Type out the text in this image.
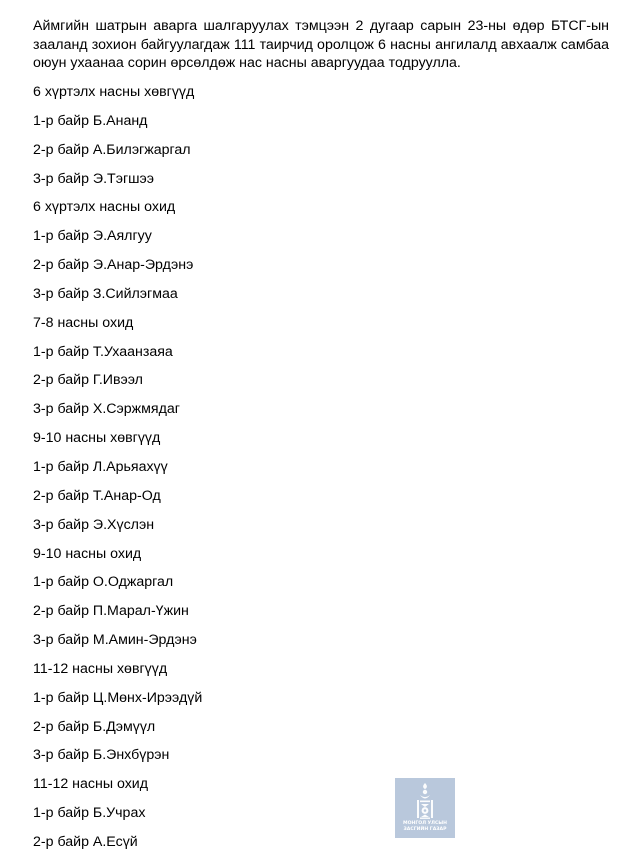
Аймгийн шатрын аварга шалгаруулах тэмцээн 2 дугаар сарын 23-ны өдөр БТСГ-ын зааланд зохион байгуулагдаж 111 таирчид оролцож 6 насны ангилалд авхаалж самбаа оюун ухаанаа сорин өрсөлдөж нас насны аваргуудаа тодруулла.

6 хүртэлх насны хөвгүүд
1-р байр Б.Ананд
2-р байр А.Билэгжаргал
3-р байр Э.Тэгшээ
6 хүртэлх насны охид
1-р байр Э.Аялгуу
2-р байр Э.Анар-Эрдэнэ
3-р байр З.Сийлэгмаа
7-8 насны охид
1-р байр Т.Ухаанзаяа
2-р байр Г.Ивээл
3-р байр Х.Сэржмядаг
9-10 насны хөвгүүд
1-р байр Л.Арьяахүү
2-р байр Т.Анар-Од
3-р байр Э.Хүслэн
9-10 насны охид
1-р байр О.Оджаргал
2-р байр П.Марал-Үжин
3-р байр М.Амин-Эрдэнэ
11-12 насны хөвгүүд
1-р байр Ц.Мөнх-Ирээдүй
2-р байр Б.Дэмүүл
3-р байр Б.Энхбүрэн
11-12 насны охид
1-р байр Б.Учрах
2-р байр А.Есүй
МОНГОЛ УЛСЫН
ЗАСГИЙН ГАЗАР
